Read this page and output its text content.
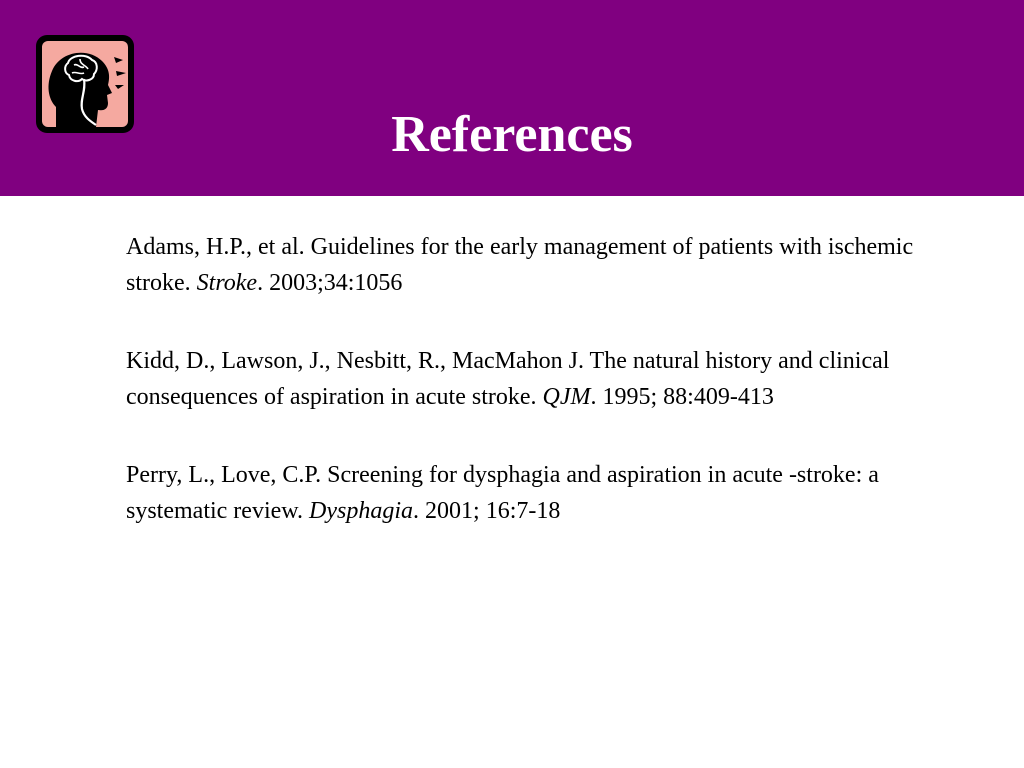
References

Adams, H.P., et al. Guidelines for the early management of patients with ischemic stroke. Stroke. 2003;34:1056

Kidd, D., Lawson, J., Nesbitt, R., MacMahon J. The natural history and clinical consequences of aspiration in acute stroke. QJM. 1995; 88:409-413

Perry, L., Love, C.P. Screening for dysphagia and aspiration in acute -stroke: a systematic review. Dysphagia. 2001; 16:7-18
